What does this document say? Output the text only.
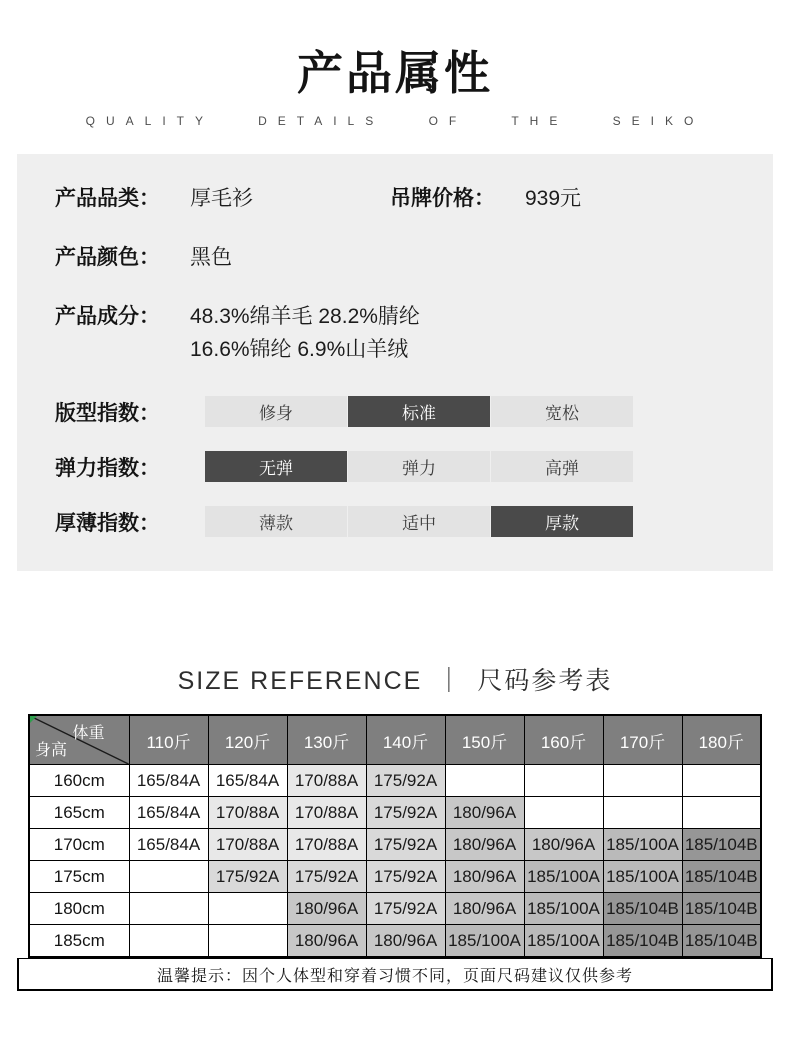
产品属性
QUALITY DETAILS OF THE SEIKO
产品品类：	厚毛衫	吊牌价格：	939元
产品颜色：	黑色
产品成分：	48.3%绵羊毛 28.2%腈纶
16.6%锦纶 6.9%山羊绒
版型指数：	修身	标准	宽松
弹力指数：	无弹	弹力	高弹
厚薄指数：	薄款	适中	厚款
SIZE REFERENCE ｜ 尺码参考表
体重
身高	110斤	120斤	130斤	140斤	150斤	160斤	170斤	180斤
160cm	165/84A	165/84A	170/88A	175/92A				
165cm	165/84A	170/88A	170/88A	175/92A	180/96A			
170cm	165/84A	170/88A	170/88A	175/92A	180/96A	180/96A	185/100A	185/104B
175cm		175/92A	175/92A	175/92A	180/96A	185/100A	185/100A	185/104B
180cm			180/96A	175/92A	180/96A	185/100A	185/104B	185/104B
185cm			180/96A	180/96A	185/100A	185/100A	185/104B	185/104B
温馨提示：因个人体型和穿着习惯不同，页面尺码建议仅供参考
